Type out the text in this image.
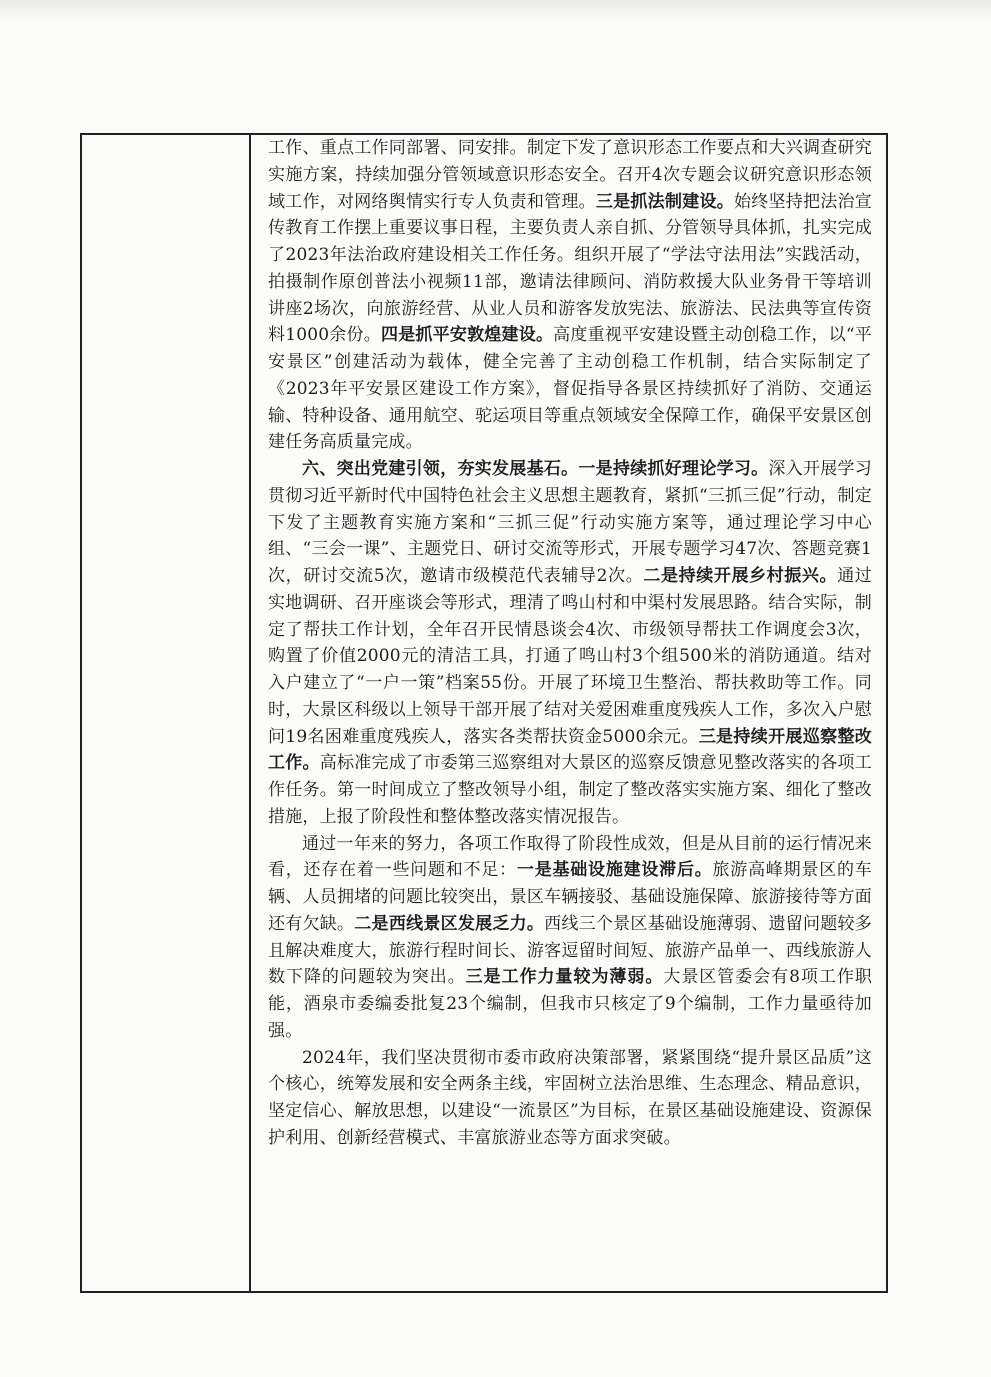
工作、重点工作同部署、同安排。制定下发了意识形态工作要点和大兴调查研究实施方案，持续加强分管领域意识形态安全。召开4次专题会议研究意识形态领域工作，对网络舆情实行专人负责和管理。三是抓法制建设。始终坚持把法治宣传教育工作摆上重要议事日程，主要负责人亲自抓、分管领导具体抓，扎实完成了2023年法治政府建设相关工作任务。组织开展了“学法守法用法”实践活动，拍摄制作原创普法小视频11部，邀请法律顾问、消防救援大队业务骨干等培训讲座2场次，向旅游经营、从业人员和游客发放宪法、旅游法、民法典等宣传资料1000余份。四是抓平安敦煌建设。高度重视平安建设暨主动创稳工作，以“平安景区”创建活动为载体，健全完善了主动创稳工作机制，结合实际制定了《2023年平安景区建设工作方案》，督促指导各景区持续抓好了消防、交通运输、特种设备、通用航空、驼运项目等重点领域安全保障工作，确保平安景区创建任务高质量完成。

六、突出党建引领，夯实发展基石。一是持续抓好理论学习。深入开展学习贯彻习近平新时代中国特色社会主义思想主题教育，紧抓“三抓三促”行动，制定下发了主题教育实施方案和“三抓三促”行动实施方案等，通过理论学习中心组、“三会一课”、主题党日、研讨交流等形式，开展专题学习47次、答题竞赛1次，研讨交流5次，邀请市级模范代表辅导2次。二是持续开展乡村振兴。通过实地调研、召开座谈会等形式，理清了鸣山村和中渠村发展思路。结合实际，制定了帮扶工作计划，全年召开民情恳谈会4次、市级领导帮扶工作调度会3次，购置了价值2000元的清洁工具，打通了鸣山村3个组500米的消防通道。结对入户建立了“一户一策”档案55份。开展了环境卫生整治、帮扶救助等工作。同时，大景区科级以上领导干部开展了结对关爱困难重度残疾人工作，多次入户慰问19名困难重度残疾人，落实各类帮扶资金5000余元。三是持续开展巡察整改工作。高标准完成了市委第三巡察组对大景区的巡察反馈意见整改落实的各项工作任务。第一时间成立了整改领导小组，制定了整改落实实施方案、细化了整改措施，上报了阶段性和整体整改落实情况报告。

通过一年来的努力，各项工作取得了阶段性成效，但是从目前的运行情况来看，还存在着一些问题和不足：一是基础设施建设滞后。旅游高峰期景区的车辆、人员拥堵的问题比较突出，景区车辆接驳、基础设施保障、旅游接待等方面还有欠缺。二是西线景区发展乏力。西线三个景区基础设施薄弱、遗留问题较多且解决难度大，旅游行程时间长、游客逗留时间短、旅游产品单一、西线旅游人数下降的问题较为突出。三是工作力量较为薄弱。大景区管委会有8项工作职能，酒泉市委编委批复23个编制，但我市只核定了9个编制，工作力量亟待加强。

2024年，我们坚决贯彻市委市政府决策部署，紧紧围绕“提升景区品质”这个核心，统筹发展和安全两条主线，牢固树立法治思维、生态理念、精品意识，坚定信心、解放思想，以建设“一流景区”为目标，在景区基础设施建设、资源保护利用、创新经营模式、丰富旅游业态等方面求突破。
